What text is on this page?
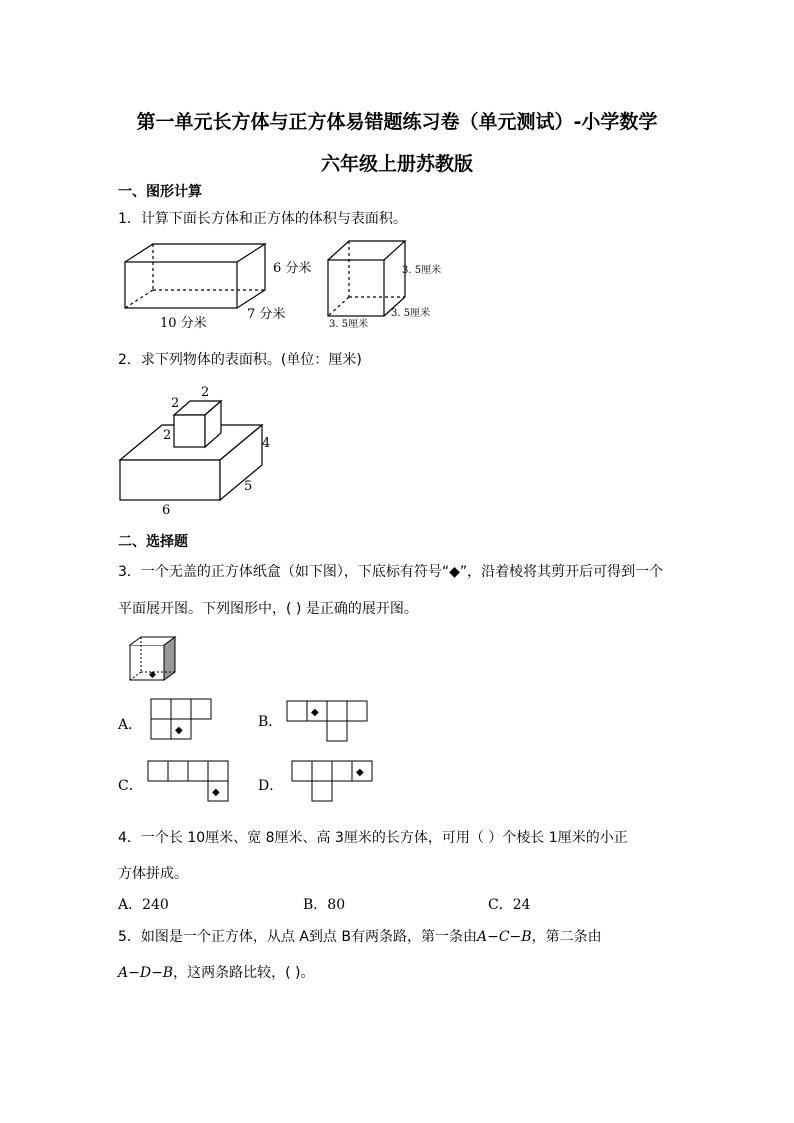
第一单元长方体与正方体易错题练习卷（单元测试）-小学数学
六年级上册苏教版
一、图形计算
1．计算下面长方体和正方体的体积与表面积。
6 分米
10 分米
7 分米
3. 5厘米
3. 5厘米
3. 5厘米
2．求下列物体的表面积。(单位：厘米)
2
2
2
4
5
6
二、选择题
3．一个无盖的正方体纸盒（如下图），下底标有符号“◆”，沿着棱将其剪开后可得到一个
平面展开图。下列图形中，( ) 是正确的展开图。
◆
A．	◆
B．
◆
C．	◆	D．
◆
4．一个长 10厘米、宽 8厘米、高 3厘米的长方体，可用（ ）个棱长 1厘米的小正
方体拼成。
A．240	B．80	C．24
5．如图是一个正方体，从点 A到点 B有两条路，第一条由A−C−B，第二条由
A−D−B，这两条路比较，( )。
